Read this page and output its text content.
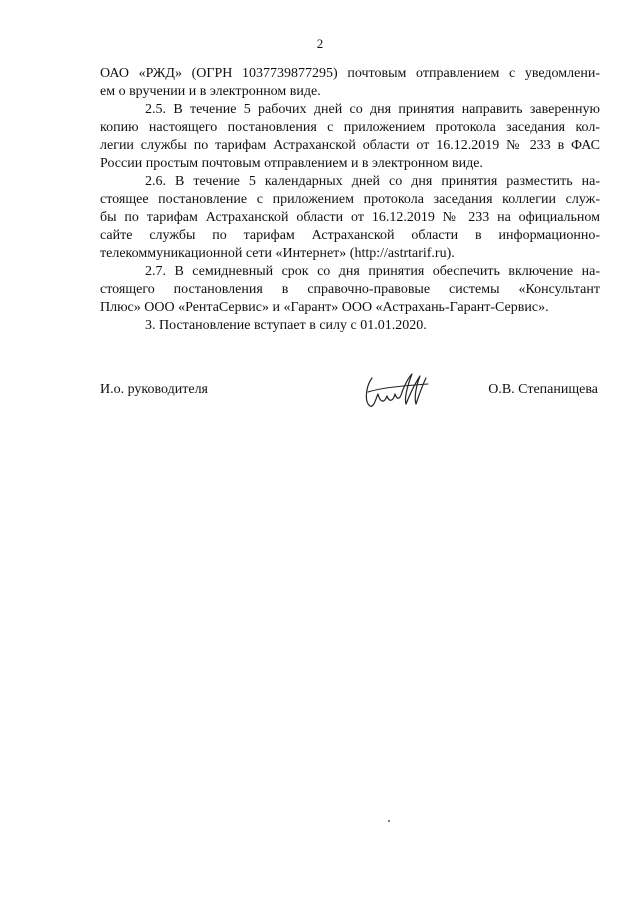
2
ОАО «РЖД» (ОГРН 1037739877295) почтовым отправлением с уведомлени-
ем о вручении и в электронном виде.
2.5. В течение 5 рабочих дней со дня принятия направить заверенную
копию настоящего постановления с приложением протокола заседания кол-
легии службы по тарифам Астраханской области от 16.12.2019 № 233 в ФАС
России простым почтовым отправлением и в электронном виде.
2.6. В течение 5 календарных дней со дня принятия разместить на-
стоящее постановление с приложением протокола заседания коллегии служ-
бы по тарифам Астраханской области от 16.12.2019 № 233 на официальном
сайте службы по тарифам Астраханской области в информационно-
телекоммуникационной сети «Интернет» (http://astrtarif.ru).
2.7. В семидневный срок со дня принятия обеспечить включение на-
стоящего постановления в справочно-правовые системы «Консультант
Плюс» ООО «РентаСервис» и «Гарант» ООО «Астрахань-Гарант-Сервис».
3. Постановление вступает в силу с 01.01.2020.
И.о. руководителя	О.В. Степанищева
